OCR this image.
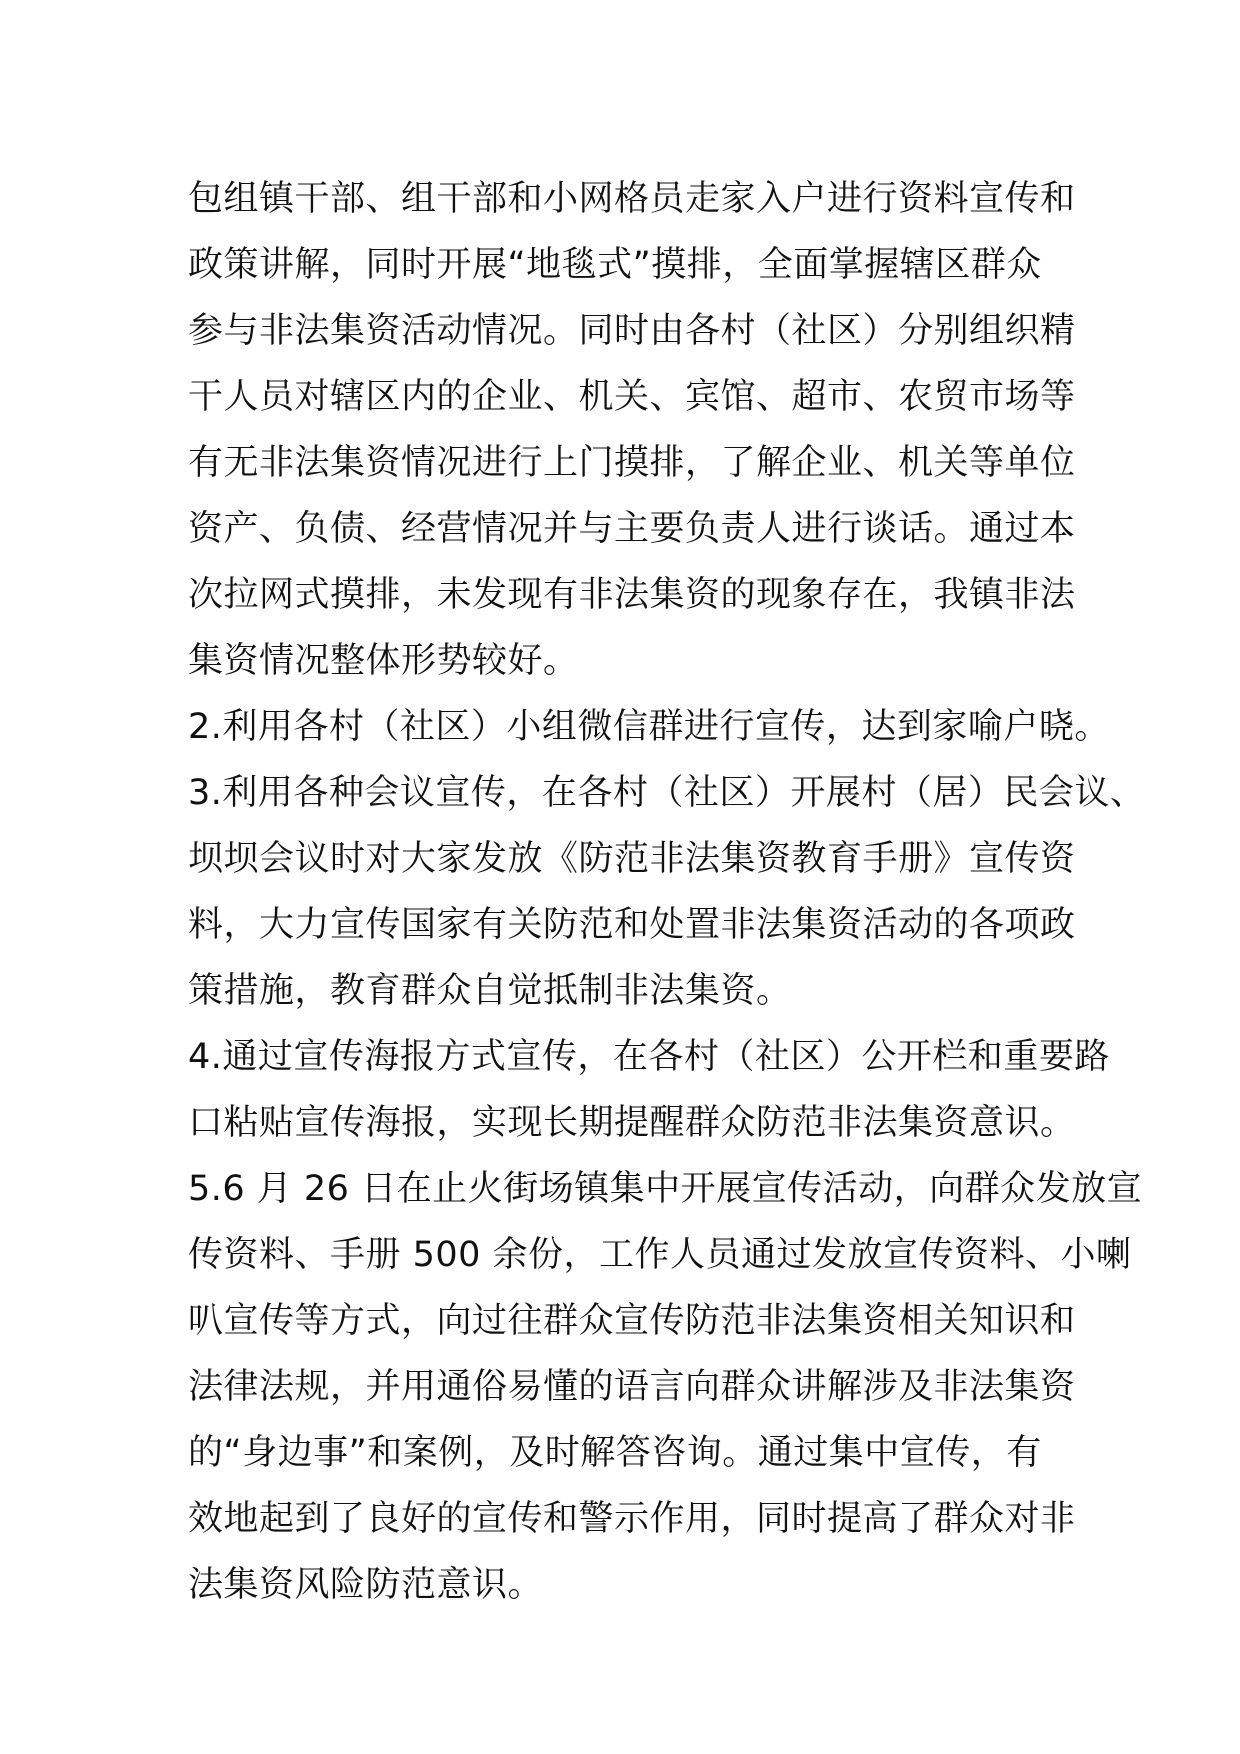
包组镇干部、组干部和小网格员走家入户进行资料宣传和
政策讲解，同时开展“地毯式”摸排，全面掌握辖区群众
参与非法集资活动情况。同时由各村（社区）分别组织精
干人员对辖区内的企业、机关、宾馆、超市、农贸市场等
有无非法集资情况进行上门摸排，了解企业、机关等单位
资产、负债、经营情况并与主要负责人进行谈话。通过本
次拉网式摸排，未发现有非法集资的现象存在，我镇非法
集资情况整体形势较好。
2.利用各村（社区）小组微信群进行宣传，达到家喻户晓。
3.利用各种会议宣传，在各村（社区）开展村（居）民会议、
坝坝会议时对大家发放《防范非法集资教育手册》宣传资
料，大力宣传国家有关防范和处置非法集资活动的各项政
策措施，教育群众自觉抵制非法集资。
4.通过宣传海报方式宣传，在各村（社区）公开栏和重要路
口粘贴宣传海报，实现长期提醒群众防范非法集资意识。
5.6 月 26 日在止火街场镇集中开展宣传活动，向群众发放宣
传资料、手册 500 余份，工作人员通过发放宣传资料、小喇
叭宣传等方式，向过往群众宣传防范非法集资相关知识和
法律法规，并用通俗易懂的语言向群众讲解涉及非法集资
的“身边事”和案例，及时解答咨询。通过集中宣传，有
效地起到了良好的宣传和警示作用，同时提高了群众对非
法集资风险防范意识。
